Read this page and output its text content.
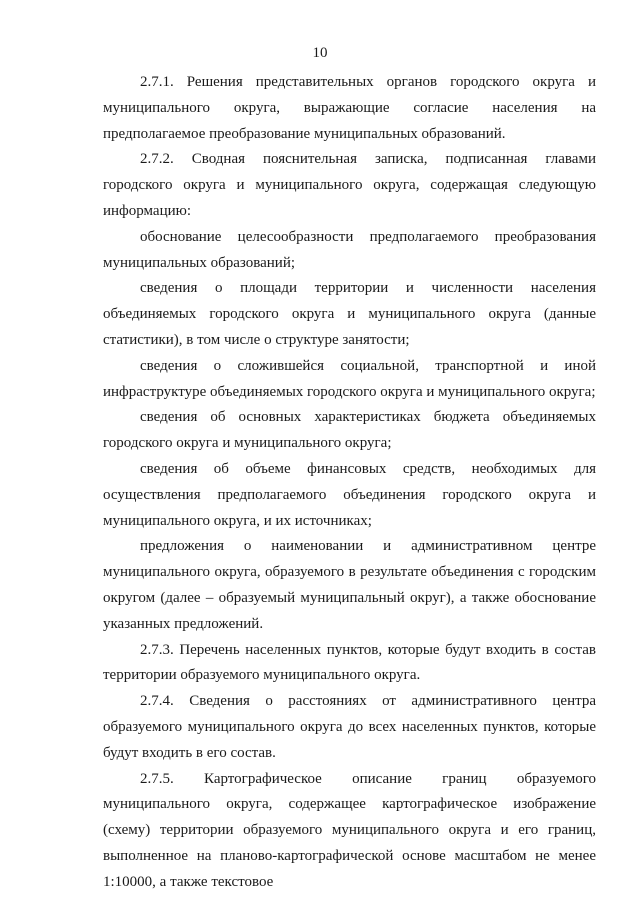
10

2.7.1. Решения представительных органов городского округа и муниципального округа, выражающие согласие населения на предполагаемое преобразование муниципальных образований.

2.7.2. Сводная пояснительная записка, подписанная главами городского округа и муниципального округа, содержащая следующую информацию:

обоснование целесообразности предполагаемого преобразования муниципальных образований;

сведения о площади территории и численности населения объединяемых городского округа и муниципального округа (данные статистики), в том числе о структуре занятости;

сведения о сложившейся социальной, транспортной и иной инфраструктуре объединяемых городского округа и муниципального округа;

сведения об основных характеристиках бюджета объединяемых городского округа и муниципального округа;

сведения об объеме финансовых средств, необходимых для осуществления предполагаемого объединения городского округа и муниципального округа, и их источниках;

предложения о наименовании и административном центре муниципального округа, образуемого в результате объединения с городским округом (далее – образуемый муниципальный округ), а также обоснование указанных предложений.

2.7.3. Перечень населенных пунктов, которые будут входить в состав территории образуемого муниципального округа.

2.7.4. Сведения о расстояниях от административного центра образуемого муниципального округа до всех населенных пунктов, которые будут входить в его состав.

2.7.5. Картографическое описание границ образуемого муниципального округа, содержащее картографическое изображение (схему) территории образуемого муниципального округа и его границ, выполненное на планово-картографической основе масштабом не менее 1:10000, а также текстовое
